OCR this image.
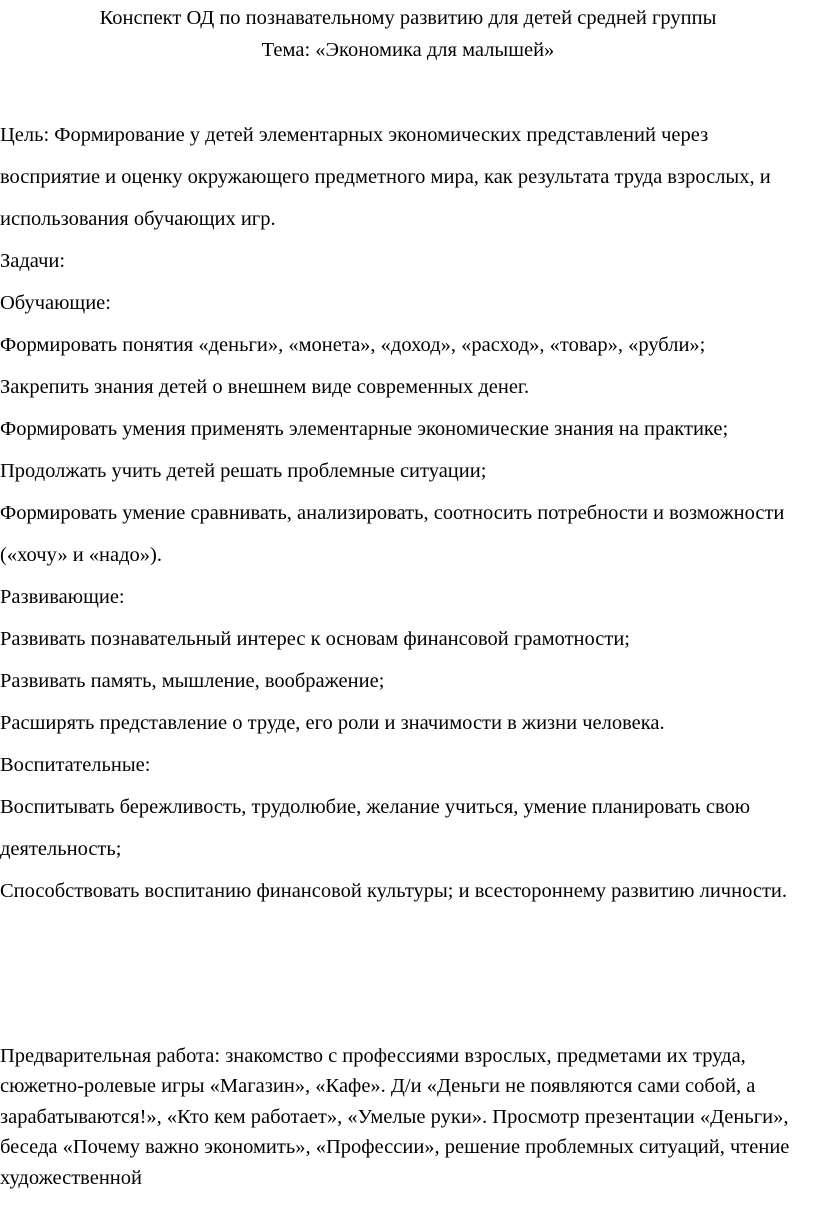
Конспект ОД по познавательному развитию для детей средней группы
Тема: «Экономика для малышей»

Цель: Формирование у детей элементарных экономических представлений через восприятие и оценку окружающего предметного мира, как результата труда взрослых, и использования обучающих игр.

Задачи:

Обучающие:

Формировать понятия «деньги», «монета», «доход», «расход», «товар», «рубли»;

Закрепить знания детей о внешнем виде современных денег.

Формировать умения применять элементарные экономические знания на практике;

Продолжать учить детей решать проблемные ситуации;

Формировать умение сравнивать, анализировать, соотносить потребности и возможности («хочу» и «надо»).

Развивающие:

Развивать познавательный интерес к основам финансовой грамотности;

Развивать память, мышление, воображение;

Расширять представление о труде, его роли и значимости в жизни человека.

Воспитательные:

Воспитывать бережливость, трудолюбие, желание учиться, умение планировать свою деятельность;

Способствовать воспитанию финансовой культуры; и всестороннему развитию личности.

Предварительная работа: знакомство с профессиями взрослых, предметами их труда, сюжетно-ролевые игры «Магазин», «Кафе». Д/и «Деньги не появляются сами собой, а зарабатываются!», «Кто кем работает», «Умелые руки». Просмотр презентации «Деньги», беседа «Почему важно экономить», «Профессии», решение проблемных ситуаций, чтение художественной
